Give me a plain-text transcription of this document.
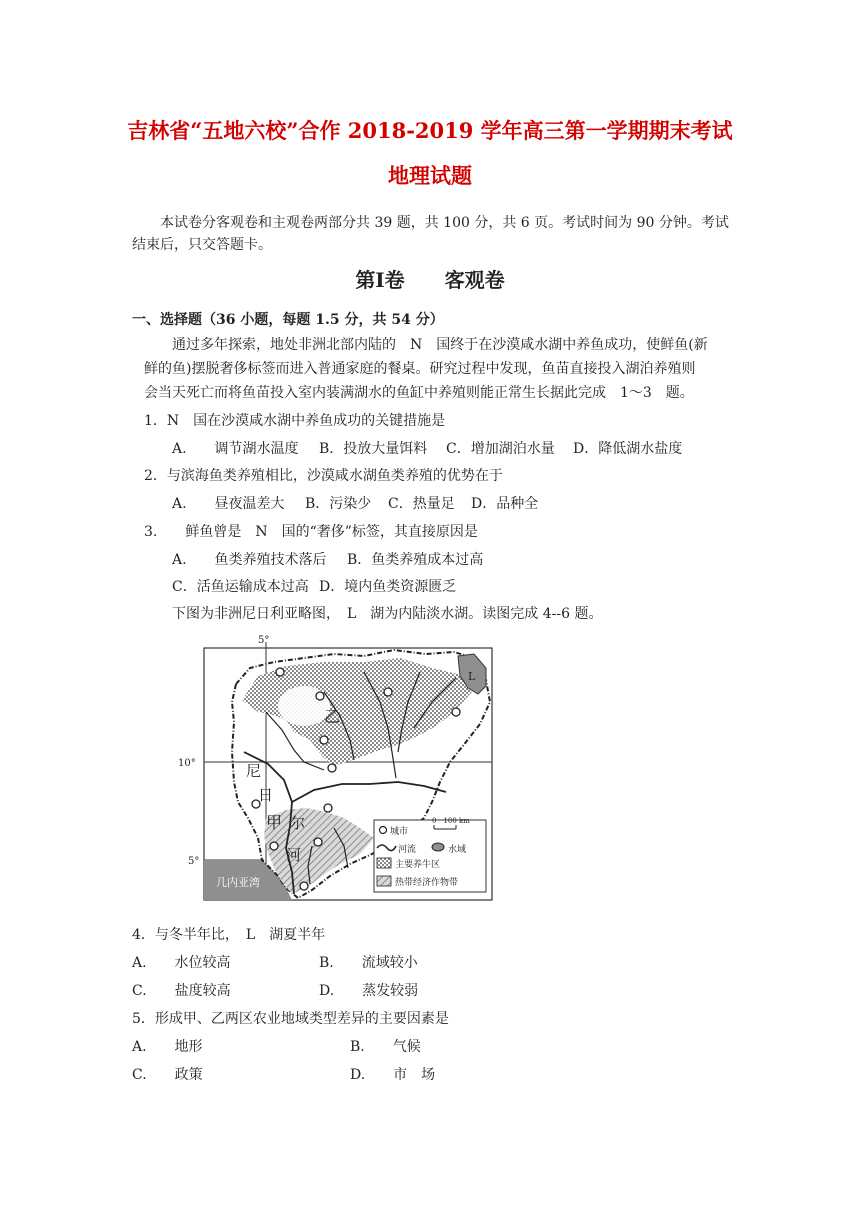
吉林省“五地六校”合作 2018-2019 学年高三第一学期期末考试
地理试题
本试卷分客观卷和主观卷两部分共 39 题，共 100 分，共 6 页。考试时间为 90 分钟。考试结束后，只交答题卡。
第Ⅰ卷　　客观卷
一、选择题（36 小题，每题 1.5 分，共 54 分）
通过多年探索，地处非洲北部内陆的　N　国终于在沙漠咸水湖中养鱼成功，使鲜鱼(新
鲜的鱼)摆脱奢侈标签而进入普通家庭的餐桌。研究过程中发现，鱼苗直接投入湖泊养殖则
会当天死亡而将鱼苗投入室内装满湖水的鱼缸中养殖则能正常生长据此完成　1～3　题。
1．N　国在沙漠咸水湖中养鱼成功的关键措施是
A.　　调节湖水温度 B．投放大量饵料 C．增加湖泊水量 D．降低湖水盐度
2．与滨海鱼类养殖相比，沙漠咸水湖鱼类养殖的优势在于
A.　　昼夜温差大 B．污染少 C．热量足 D．品种全
3.　　鲜鱼曾是　N　国的“奢侈”标签，其直接原因是
A.　　鱼类养殖技术落后 B．鱼类养殖成本过高
C．活鱼运输成本过高 D．境内鱼类资源匮乏
下图为非洲尼日利亚略图，　L　湖为内陆淡水湖。读图完成 4--6 题。
5°
10°
5°
乙
甲
L
尼
日
尔
河
几内亚湾
城市
0　100 km
河流	水域
主要养牛区
热带经济作物带
4．与冬半年比，　L　湖夏半年
A.　　水位较高	B.　　流域较小
C.　　盐度较高	D.　　蒸发较弱
5．形成甲、乙两区农业地域类型差异的主要因素是
A.　　地形	B.　　气候
C.　　政策	D.　　市　场
